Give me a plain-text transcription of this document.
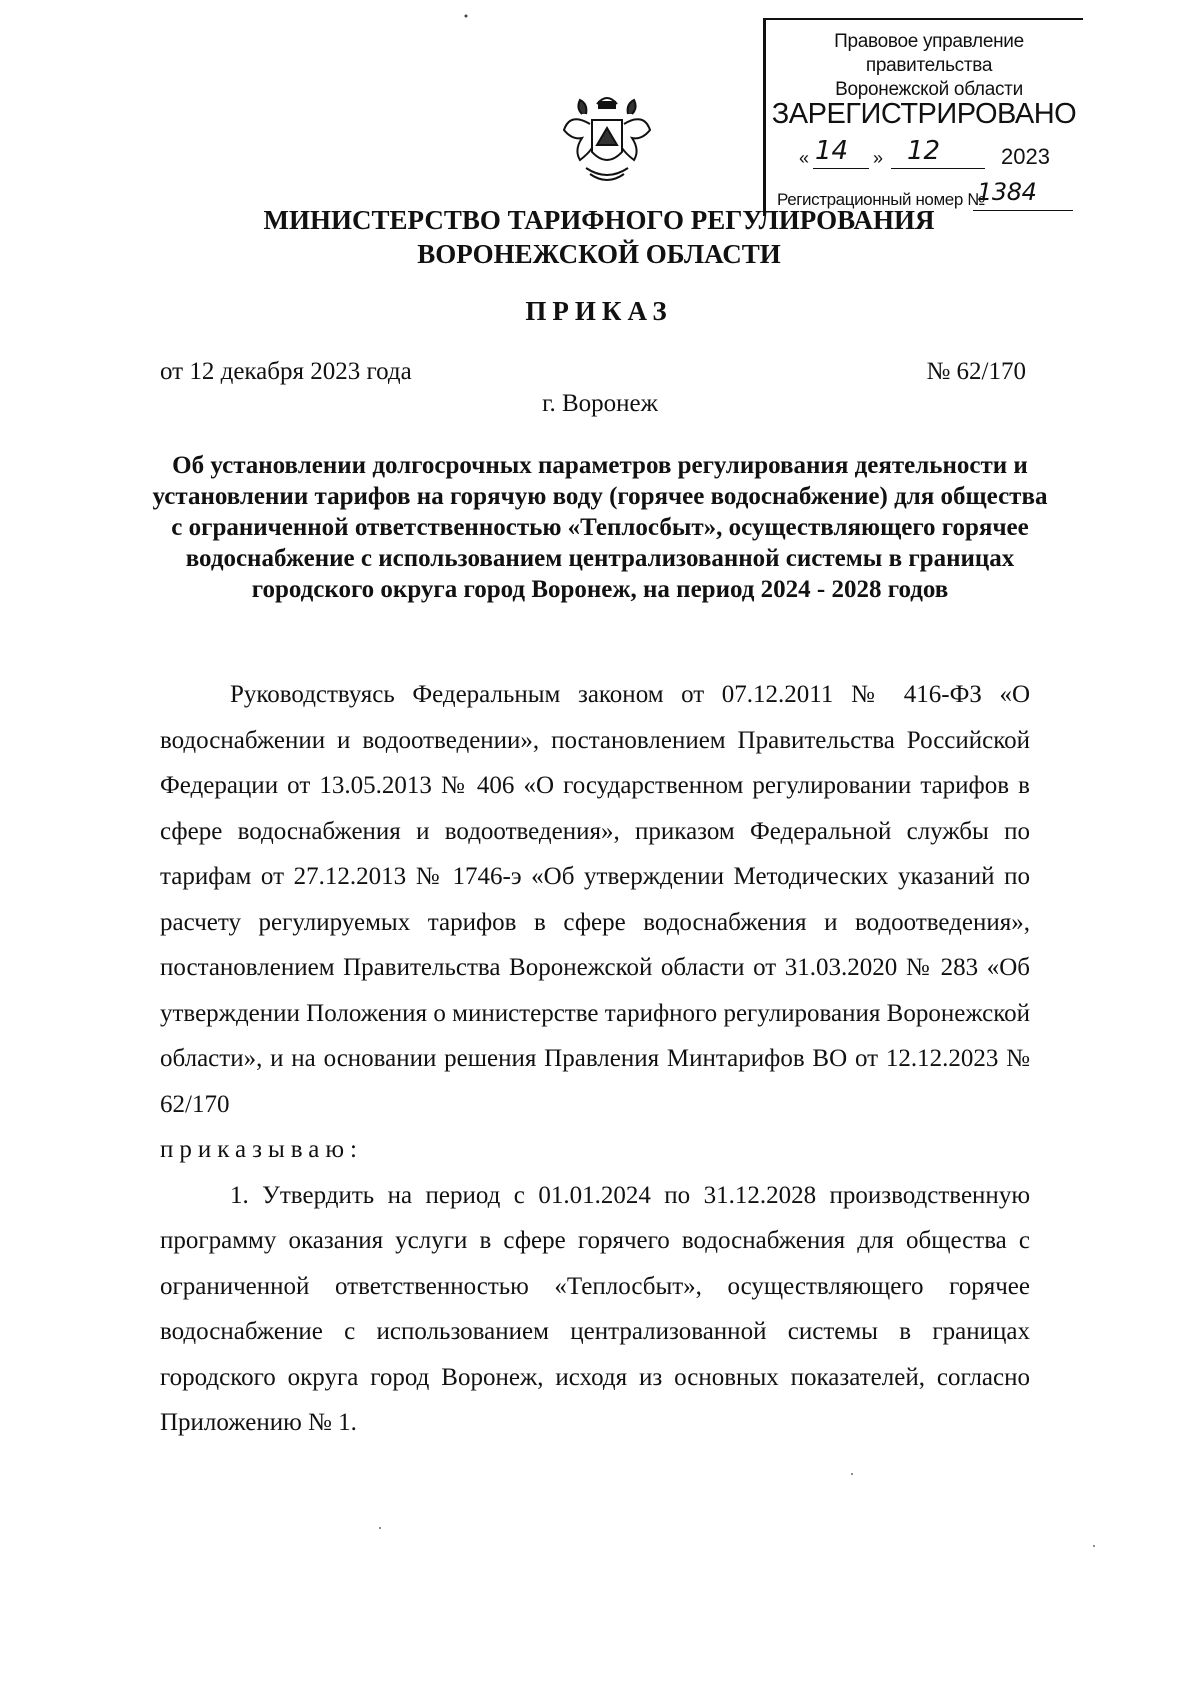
Правовое управление правительства
Воронежской области
ЗАРЕГИСТРИРОВАНО
« 14 » 12	2023
Регистрационный номер №
1384
МИНИСТЕРСТВО ТАРИФНОГО РЕГУЛИРОВАНИЯ
ВОРОНЕЖСКОЙ ОБЛАСТИ
ПРИКАЗ
от 12 декабря 2023 года	№ 62/170
г. Воронеж
Об установлении долгосрочных параметров регулирования деятельности и установлении тарифов на горячую воду (горячее водоснабжение) для общества с ограниченной ответственностью «Теплосбыт», осуществляющего горячее водоснабжение с использованием централизованной системы в границах городского округа город Воронеж, на период 2024 - 2028 годов

Руководствуясь Федеральным законом от 07.12.2011 № 416-ФЗ «О водоснабжении и водоотведении», постановлением Правительства Российской Федерации от 13.05.2013 № 406 «О государственном регулировании тарифов в сфере водоснабжения и водоотведения», приказом Федеральной службы по тарифам от 27.12.2013 № 1746-э «Об утверждении Методических указаний по расчету регулируемых тарифов в сфере водоснабжения и водоотведения», постановлением Правительства Воронежской области от 31.03.2020 № 283 «Об утверждении Положения о министерстве тарифного регулирования Воронежской области», и на основании решения Правления Минтарифов ВО от 12.12.2023 № 62/170

приказываю:

1. Утвердить на период с 01.01.2024 по 31.12.2028 производственную программу оказания услуги в сфере горячего водоснабжения для общества с ограниченной ответственностью «Теплосбыт», осуществляющего горячее водоснабжение с использованием централизованной системы в границах городского округа город Воронеж, исходя из основных показателей, согласно Приложению № 1.
